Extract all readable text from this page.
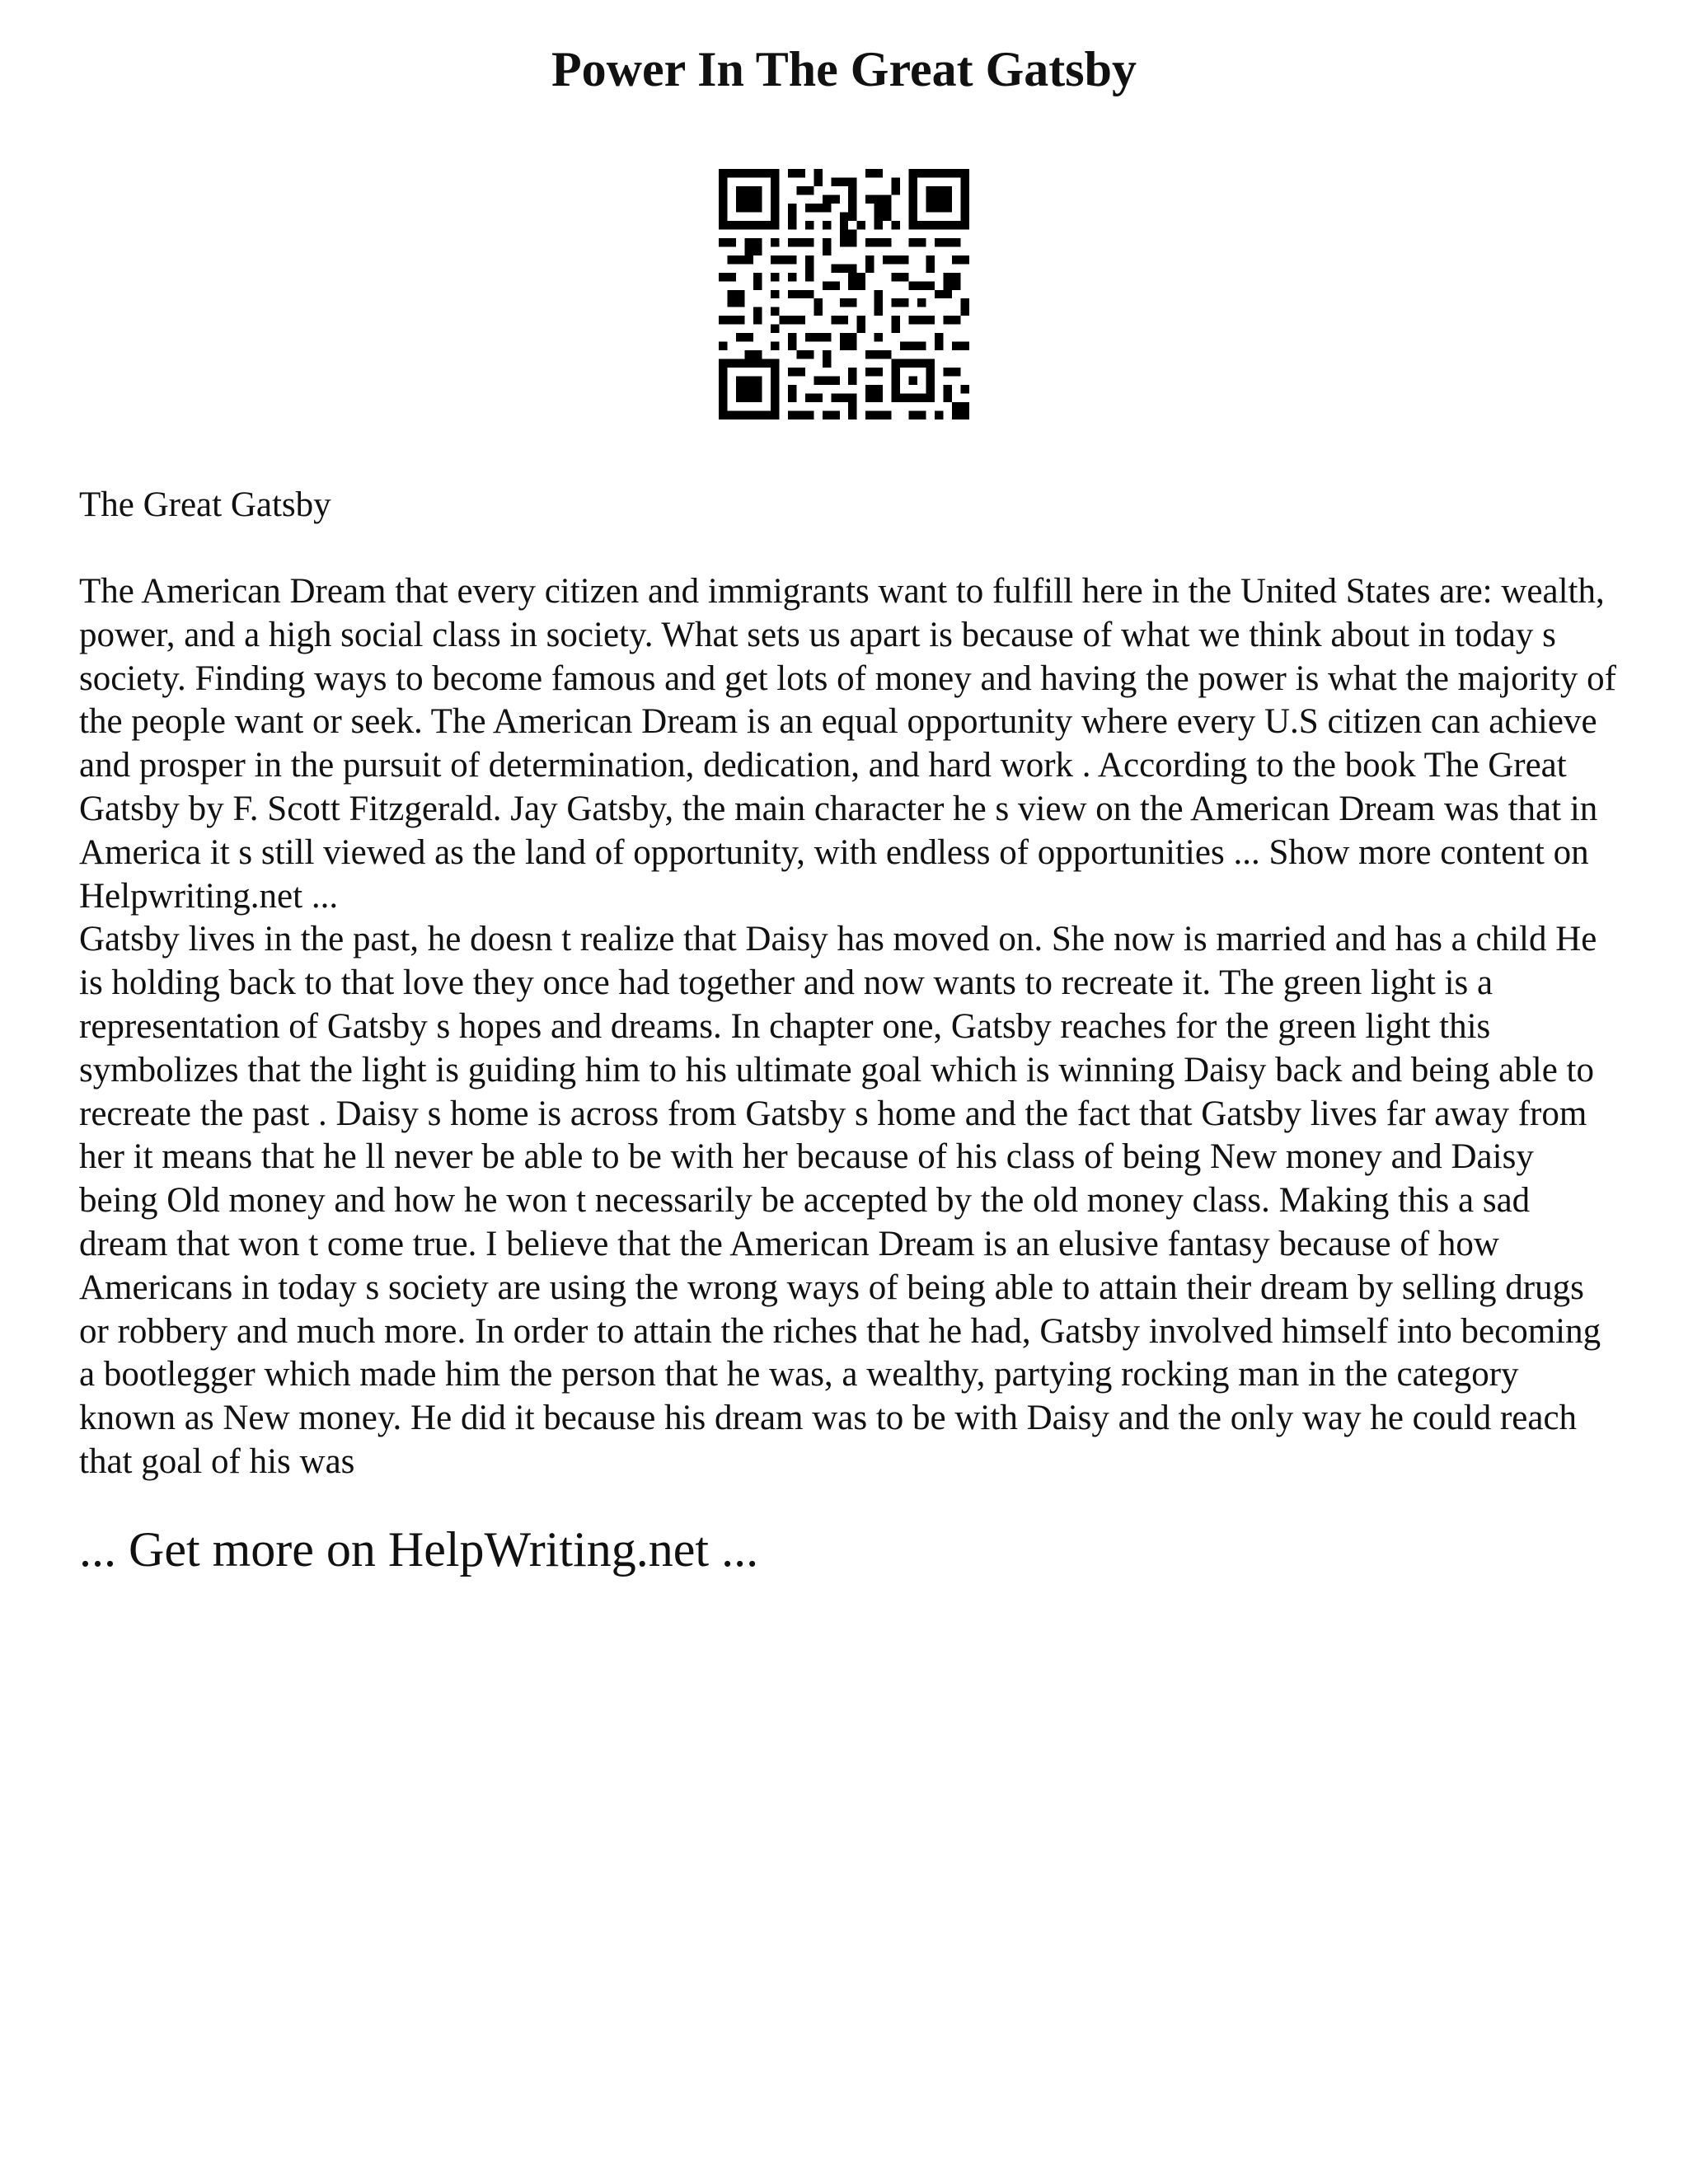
Power In The Great Gatsby

The Great Gatsby

The American Dream that every citizen and immigrants want to fulfill here in the United States are: wealth, power, and a high social class in society. What sets us apart is because of what we think about in today s society. Finding ways to become famous and get lots of money and having the power is what the majority of the people want or seek. The American Dream is an equal opportunity where every U.S citizen can achieve and prosper in the pursuit of determination, dedication, and hard work . According to the book The Great Gatsby by F. Scott Fitzgerald. Jay Gatsby, the main character he s view on the American Dream was that in America it s still viewed as the land of opportunity, with endless of opportunities ... Show more content on Helpwriting.net ...

Gatsby lives in the past, he doesn t realize that Daisy has moved on. She now is married and has a child He is holding back to that love they once had together and now wants to recreate it. The green light is a representation of Gatsby s hopes and dreams. In chapter one, Gatsby reaches for the green light this symbolizes that the light is guiding him to his ultimate goal which is winning Daisy back and being able to recreate the past . Daisy s home is across from Gatsby s home and the fact that Gatsby lives far away from her it means that he ll never be able to be with her because of his class of being New money and Daisy being Old money and how he won t necessarily be accepted by the old money class. Making this a sad dream that won t come true. I believe that the American Dream is an elusive fantasy because of how Americans in today s society are using the wrong ways of being able to attain their dream by selling drugs or robbery and much more. In order to attain the riches that he had, Gatsby involved himself into becoming a bootlegger which made him the person that he was, a wealthy, partying rocking man in the category known as New money. He did it because his dream was to be with Daisy and the only way he could reach that goal of his was

... Get more on HelpWriting.net ...
